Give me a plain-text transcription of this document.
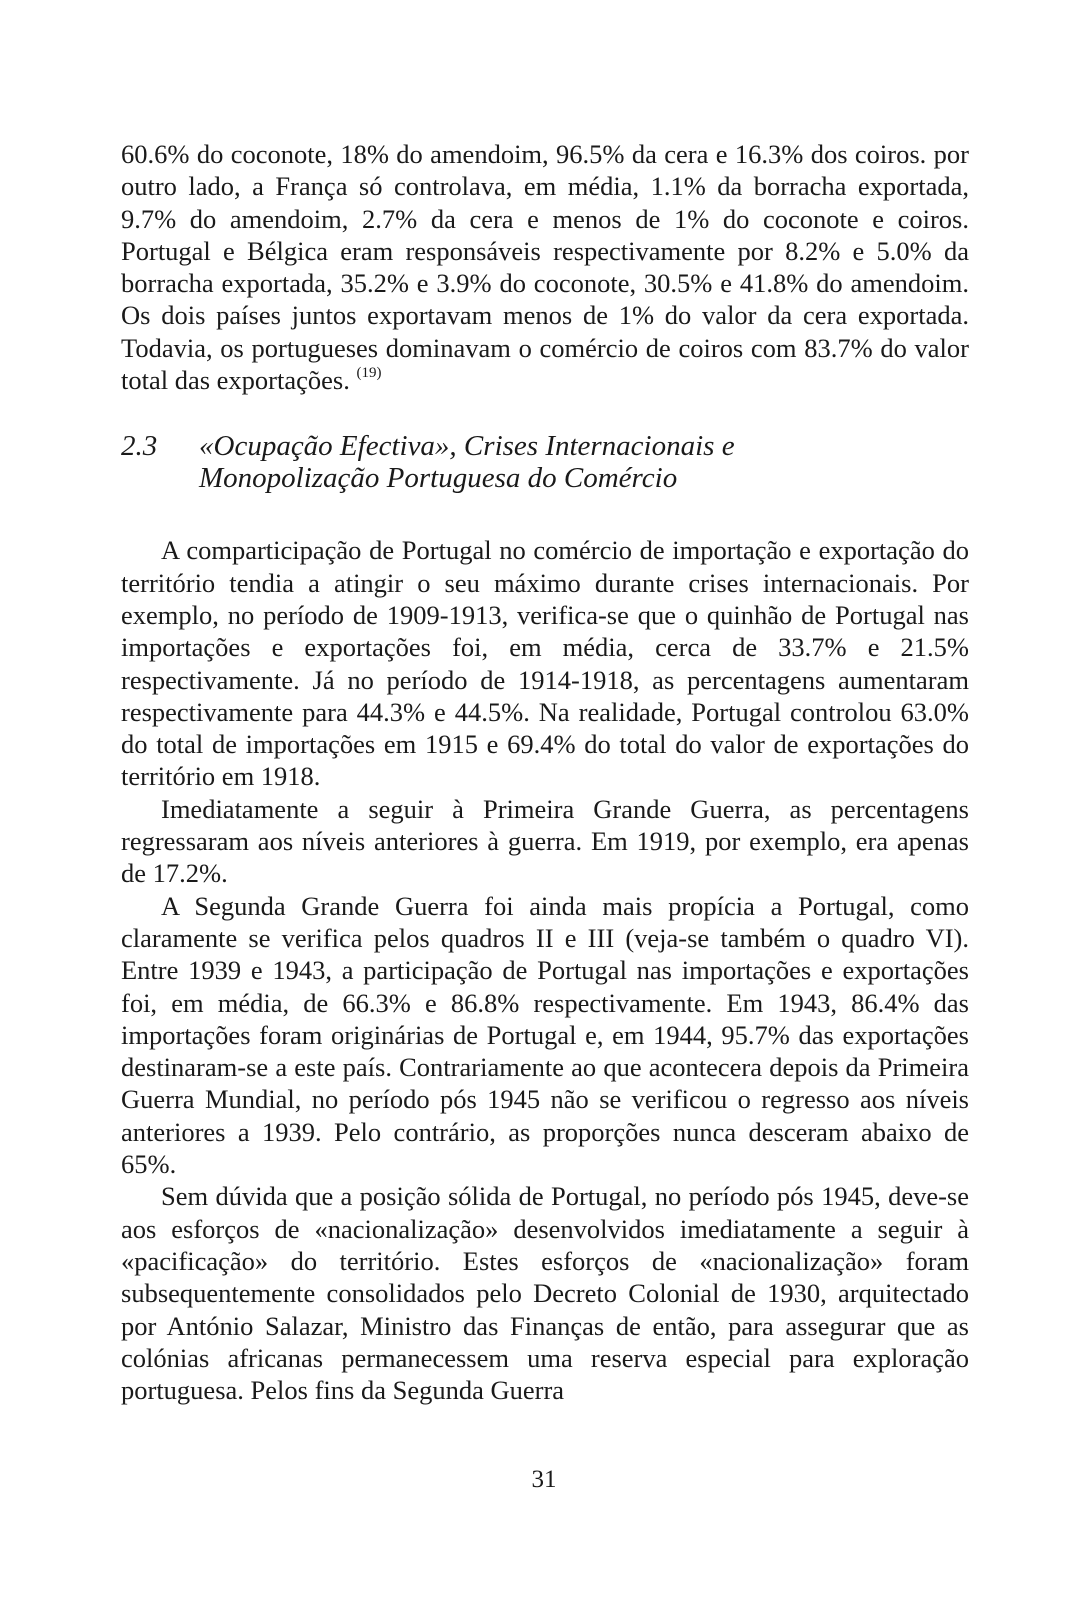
60.6% do coconote, 18% do amendoim, 96.5% da cera e 16.3% dos coiros. por outro lado, a França só controlava, em média, 1.1% da borracha exportada, 9.7% do amendoim, 2.7% da cera e menos de 1% do coconote e coiros. Portugal e Bélgica eram responsáveis respectivamente por 8.2% e 5.0% da borracha exportada, 35.2% e 3.9% do coconote, 30.5% e 41.8% do amendoim. Os dois países juntos exportavam menos de 1% do valor da cera exportada. Todavia, os portugueses dominavam o comércio de coiros com 83.7% do valor total das exportações. $^{(19)}$

2.3	«Ocupação Efectiva», Crises Internacionais e
Monopolização Portuguesa do Comércio

A comparticipação de Portugal no comércio de importação e exportação do território tendia a atingir o seu máximo durante crises internacionais. Por exemplo, no período de 1909-1913, verifica-se que o quinhão de Portugal nas importações e exportações foi, em média, cerca de 33.7% e 21.5% respectivamente. Já no período de 1914-1918, as percentagens aumentaram respectivamente para 44.3% e 44.5%. Na realidade, Portugal controlou 63.0% do total de importações em 1915 e 69.4% do total do valor de exportações do território em 1918.

Imediatamente a seguir à Primeira Grande Guerra, as percentagens regressaram aos níveis anteriores à guerra. Em 1919, por exemplo, era apenas de 17.2%.

A Segunda Grande Guerra foi ainda mais propícia a Portugal, como claramente se verifica pelos quadros II e III (veja-se também o quadro VI). Entre 1939 e 1943, a participação de Portugal nas importações e exportações foi, em média, de 66.3% e 86.8% respectivamente. Em 1943, 86.4% das importações foram originárias de Portugal e, em 1944, 95.7% das exportações destinaram-se a este país. Contrariamente ao que acontecera depois da Primeira Guerra Mundial, no período pós 1945 não se verificou o regresso aos níveis anteriores a 1939. Pelo contrário, as proporções nunca desceram abaixo de 65%.

Sem dúvida que a posição sólida de Portugal, no período pós 1945, deve-se aos esforços de «nacionalização» desenvolvidos imediatamente a seguir à «pacificação» do território. Estes esforços de «nacionalização» foram subsequentemente consolidados pelo Decreto Colonial de 1930, arquitectado por António Salazar, Ministro das Finanças de então, para assegurar que as colónias africanas permanecessem uma reserva especial para exploração portuguesa. Pelos fins da Segunda Guerra

31
